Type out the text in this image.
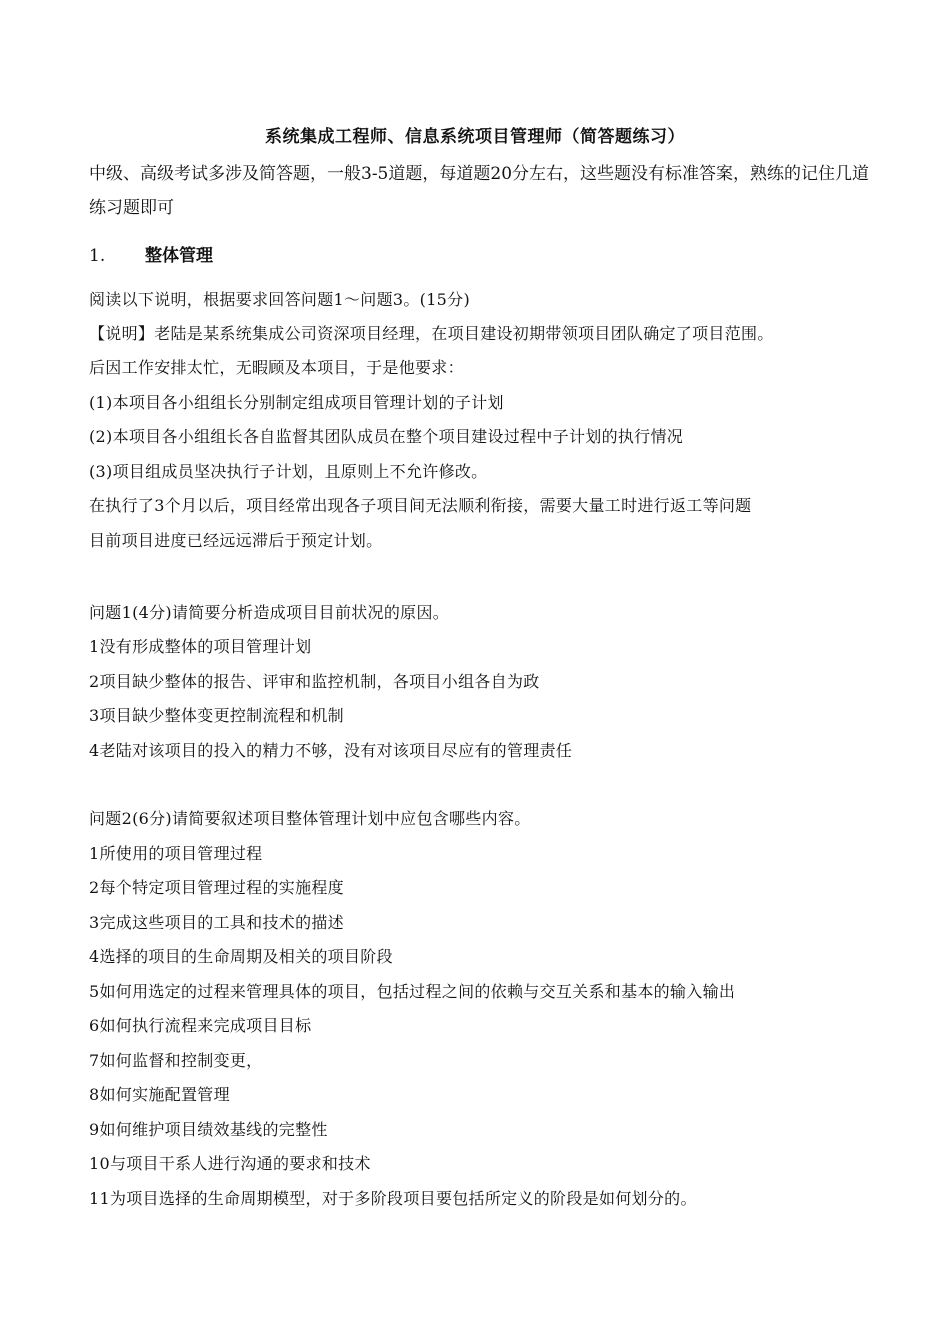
系统集成工程师、信息系统项目管理师（简答题练习）
中级、高级考试多涉及简答题，一般3-5道题，每道题20分左右，这些题没有标准答案，熟练的记住几道练习题即可
1. 整体管理
阅读以下说明，根据要求回答问题1～问题3。(15分)
【说明】老陆是某系统集成公司资深项目经理，在项目建设初期带领项目团队确定了项目范围。
后因工作安排太忙，无暇顾及本项目，于是他要求：
(1)本项目各小组组长分别制定组成项目管理计划的子计划
(2)本项目各小组组长各自监督其团队成员在整个项目建设过程中子计划的执行情况
(3)项目组成员坚决执行子计划，且原则上不允许修改。
在执行了3个月以后，项目经常出现各子项目间无法顺利衔接，需要大量工时进行返工等问题
目前项目进度已经远远滞后于预定计划。
问题1(4分)请简要分析造成项目目前状况的原因。
1没有形成整体的项目管理计划
2项目缺少整体的报告、评审和监控机制，各项目小组各自为政
3项目缺少整体变更控制流程和机制
4老陆对该项目的投入的精力不够，没有对该项目尽应有的管理责任
问题2(6分)请简要叙述项目整体管理计划中应包含哪些内容。
1所使用的项目管理过程
2每个特定项目管理过程的实施程度
3完成这些项目的工具和技术的描述
4选择的项目的生命周期及相关的项目阶段
5如何用选定的过程来管理具体的项目，包括过程之间的依赖与交互关系和基本的输入输出
6如何执行流程来完成项目目标
7如何监督和控制变更，
8如何实施配置管理
9如何维护项目绩效基线的完整性
10与项目干系人进行沟通的要求和技术
11为项目选择的生命周期模型，对于多阶段项目要包括所定义的阶段是如何划分的。
